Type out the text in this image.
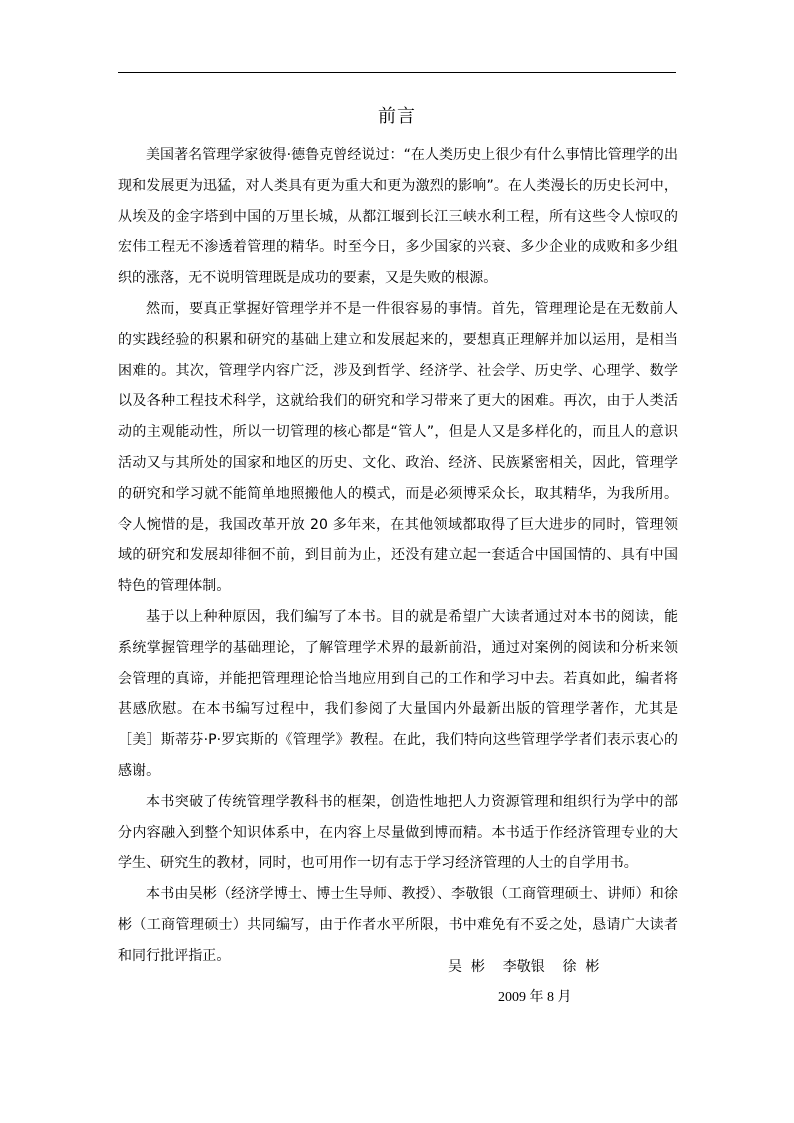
前言

美国著名管理学家彼得·德鲁克曾经说过：“在人类历史上很少有什么事情比管理学的出现和发展更为迅猛，对人类具有更为重大和更为激烈的影响”。在人类漫长的历史长河中，从埃及的金字塔到中国的万里长城，从都江堰到长江三峡水利工程，所有这些令人惊叹的宏伟工程无不渗透着管理的精华。时至今日，多少国家的兴衰、多少企业的成败和多少组织的涨落，无不说明管理既是成功的要素，又是失败的根源。

然而，要真正掌握好管理学并不是一件很容易的事情。首先，管理理论是在无数前人的实践经验的积累和研究的基础上建立和发展起来的，要想真正理解并加以运用，是相当困难的。其次，管理学内容广泛，涉及到哲学、经济学、社会学、历史学、心理学、数学以及各种工程技术科学，这就给我们的研究和学习带来了更大的困难。再次，由于人类活动的主观能动性，所以一切管理的核心都是“管人”，但是人又是多样化的，而且人的意识活动又与其所处的国家和地区的历史、文化、政治、经济、民族紧密相关，因此，管理学的研究和学习就不能简单地照搬他人的模式，而是必须博采众长，取其精华，为我所用。令人惋惜的是，我国改革开放 20 多年来，在其他领域都取得了巨大进步的同时，管理领域的研究和发展却徘徊不前，到目前为止，还没有建立起一套适合中国国情的、具有中国特色的管理体制。

基于以上种种原因，我们编写了本书。目的就是希望广大读者通过对本书的阅读，能系统掌握管理学的基础理论，了解管理学术界的最新前沿，通过对案例的阅读和分析来领会管理的真谛，并能把管理理论恰当地应用到自己的工作和学习中去。若真如此，编者将甚感欣慰。在本书编写过程中，我们参阅了大量国内外最新出版的管理学著作，尤其是［美］斯蒂芬·P·罗宾斯的《管理学》教程。在此，我们特向这些管理学学者们表示衷心的感谢。

本书突破了传统管理学教科书的框架，创造性地把人力资源管理和组织行为学中的部分内容融入到整个知识体系中，在内容上尽量做到博而精。本书适于作经济管理专业的大学生、研究生的教材，同时，也可用作一切有志于学习经济管理的人士的自学用书。

本书由吴彬（经济学博士、博士生导师、教授）、李敬银（工商管理硕士、讲师）和徐彬（工商管理硕士）共同编写，由于作者水平所限，书中难免有不妥之处，恳请广大读者和同行批评指正。

吴  彬    李敬银    徐  彬
2009 年 8 月
